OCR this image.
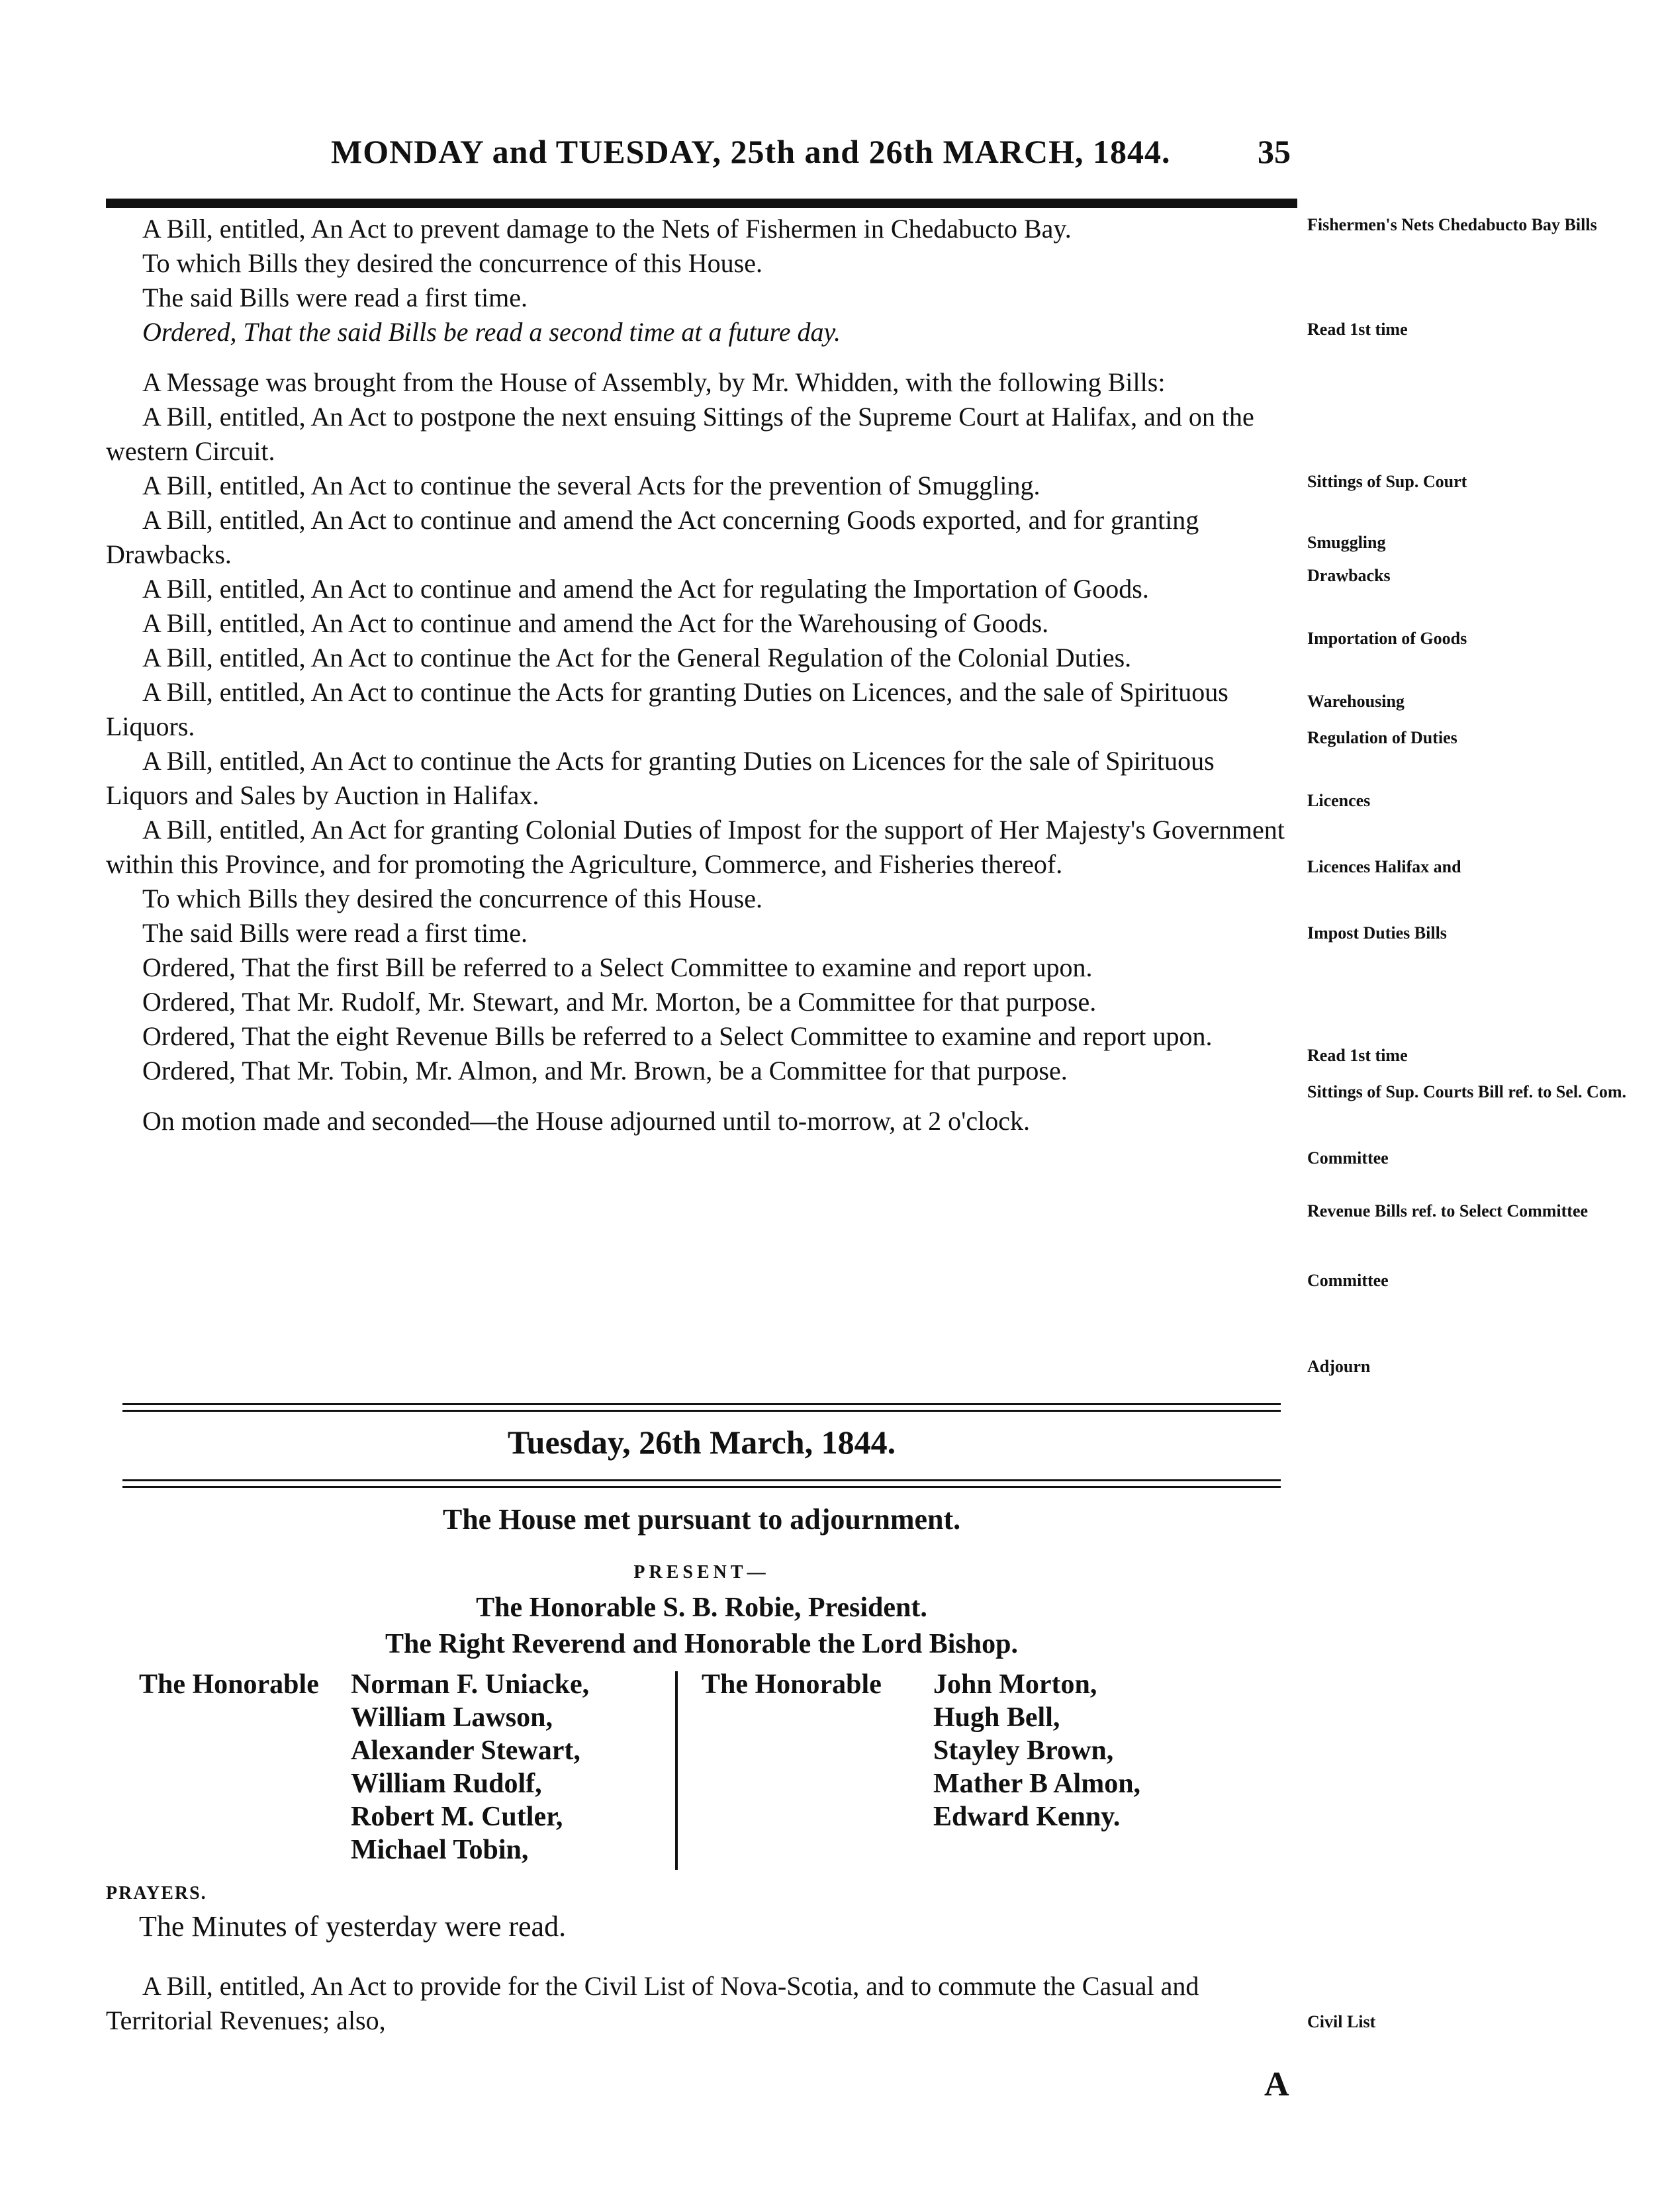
MONDAY and TUESDAY, 25th and 26th MARCH, 1844.	35

A Bill, entitled, An Act to prevent damage to the Nets of Fishermen in Chedabucto Bay.

To which Bills they desired the concurrence of this House.

The said Bills were read a first time.

Ordered, That the said Bills be read a second time at a future day.

A Message was brought from the House of Assembly, by Mr. Whidden, with the following Bills:

A Bill, entitled, An Act to postpone the next ensuing Sittings of the Supreme Court at Halifax, and on the western Circuit.

A Bill, entitled, An Act to continue the several Acts for the prevention of Smuggling.

A Bill, entitled, An Act to continue and amend the Act concerning Goods exported, and for granting Drawbacks.

A Bill, entitled, An Act to continue and amend the Act for regulating the Importation of Goods.

A Bill, entitled, An Act to continue and amend the Act for the Warehousing of Goods.

A Bill, entitled, An Act to continue the Act for the General Regulation of the Colonial Duties.

A Bill, entitled, An Act to continue the Acts for granting Duties on Licences, and the sale of Spirituous Liquors.

A Bill, entitled, An Act to continue the Acts for granting Duties on Licences for the sale of Spirituous Liquors and Sales by Auction in Halifax.

A Bill, entitled, An Act for granting Colonial Duties of Impost for the support of Her Majesty's Government within this Province, and for promoting the Agriculture, Commerce, and Fisheries thereof.

To which Bills they desired the concurrence of this House.

The said Bills were read a first time.

Ordered, That the first Bill be referred to a Select Committee to examine and report upon.

Ordered, That Mr. Rudolf, Mr. Stewart, and Mr. Morton, be a Committee for that purpose.

Ordered, That the eight Revenue Bills be referred to a Select Committee to examine and report upon.

Ordered, That Mr. Tobin, Mr. Almon, and Mr. Brown, be a Committee for that purpose.

On motion made and seconded—the House adjourned until to-morrow, at 2 o'clock.

Fishermen's Nets Chedabucto Bay Bills
Read 1st time
Sittings of Sup. Court
Smuggling
Drawbacks
Importation of Goods
Warehousing
Regulation of Duties
Licences
Licences Halifax and
Impost Duties Bills
Read 1st time
Sittings of Sup. Courts Bill ref. to Sel. Com.
Committee
Revenue Bills ref. to Select Committee
Committee
Adjourn
Civil List
Tuesday, 26th March, 1844.
The House met pursuant to adjournment.
PRESENT—
The Honorable S. B. Robie, President.
The Right Reverend and Honorable the Lord Bishop.
The Honorable Norman F. Uniacke,
William Lawson,
Alexander Stewart,
William Rudolf,
Robert M. Cutler,
Michael Tobin,
The Honorable John Morton,
Hugh Bell,
Stayley Brown,
Mather B Almon,
Edward Kenny.
PRAYERS.
The Minutes of yesterday were read.
A Bill, entitled, An Act to provide for the Civil List of Nova-Scotia, and to commute the Casual and Territorial Revenues; also,
A
